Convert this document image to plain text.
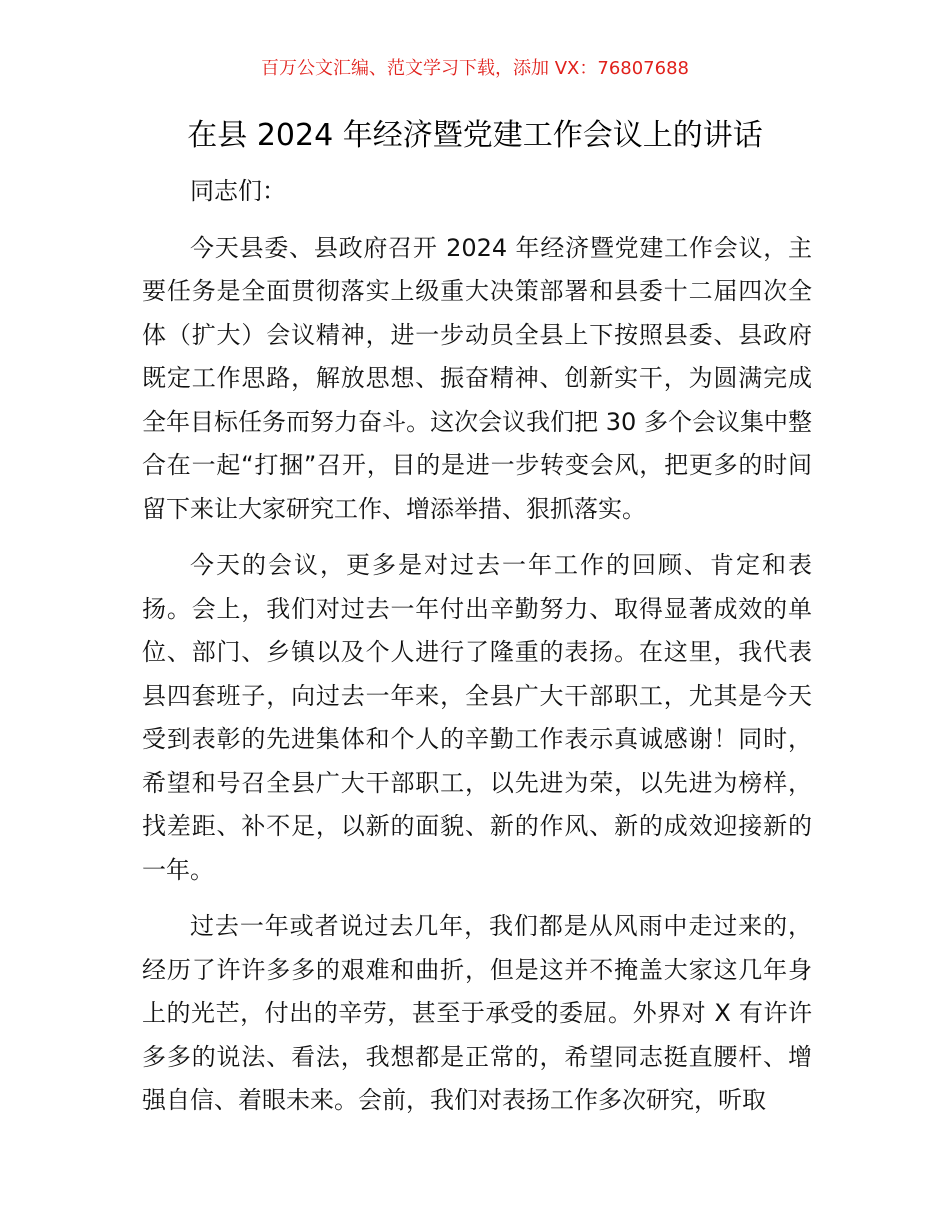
百万公文汇编、范文学习下载，添加 VX：76807688
在县 2024 年经济暨党建工作会议上的讲话

同志们：

今天县委、县政府召开 2024 年经济暨党建工作会议，主要任务是全面贯彻落实上级重大决策部署和县委十二届四次全体（扩大）会议精神，进一步动员全县上下按照县委、县政府既定工作思路，解放思想、振奋精神、创新实干，为圆满完成全年目标任务而努力奋斗。这次会议我们把 30 多个会议集中整合在一起“打捆”召开，目的是进一步转变会风，把更多的时间留下来让大家研究工作、增添举措、狠抓落实。

今天的会议，更多是对过去一年工作的回顾、肯定和表扬。会上，我们对过去一年付出辛勤努力、取得显著成效的单位、部门、乡镇以及个人进行了隆重的表扬。在这里，我代表县四套班子，向过去一年来，全县广大干部职工，尤其是今天受到表彰的先进集体和个人的辛勤工作表示真诚感谢！同时，希望和号召全县广大干部职工，以先进为荣，以先进为榜样，找差距、补不足，以新的面貌、新的作风、新的成效迎接新的一年。

过去一年或者说过去几年，我们都是从风雨中走过来的，经历了许许多多的艰难和曲折，但是这并不掩盖大家这几年身上的光芒，付出的辛劳，甚至于承受的委屈。外界对 X 有许许多多的说法、看法，我想都是正常的，希望同志挺直腰杆、增强自信、着眼未来。会前，我们对表扬工作多次研究，听取
